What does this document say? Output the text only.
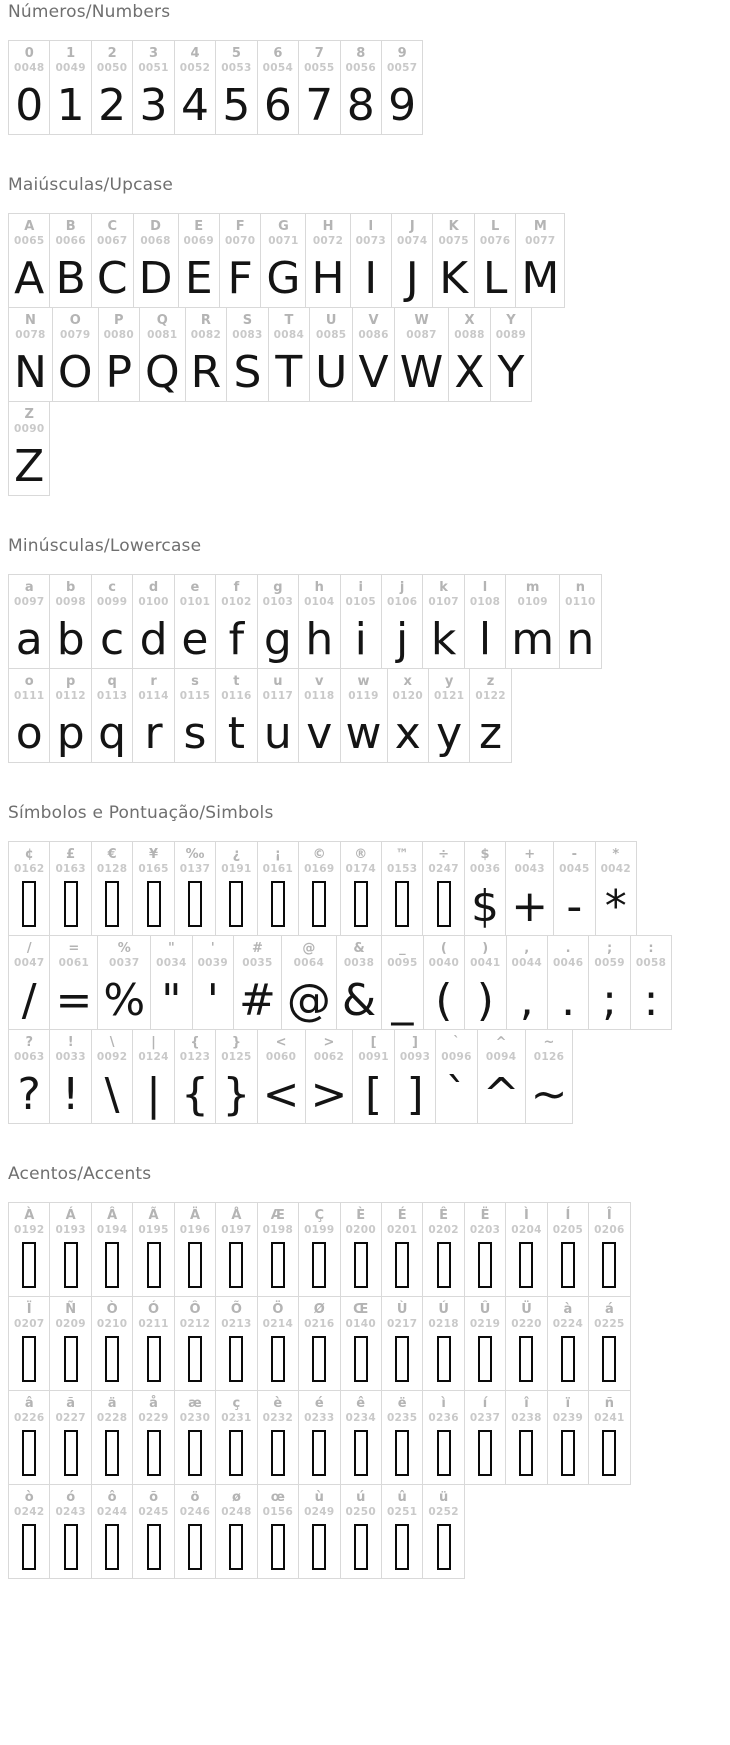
Números/Numbers
0
0048
0
1
0049
1
2
0050
2
3
0051
3
4
0052
4
5
0053
5
6
0054
6
7
0055
7
8
0056
8
9
0057
9
Maiúsculas/Upcase
A
0065
A
B
0066
B
C
0067
C
D
0068
D
E
0069
E
F
0070
F
G
0071
G
H
0072
H
I
0073
I
J
0074
J
K
0075
K
L
0076
L
M
0077
M
N
0078
N
O
0079
O
P
0080
P
Q
0081
Q
R
0082
R
S
0083
S
T
0084
T
U
0085
U
V
0086
V
W
0087
W
X
0088
X
Y
0089
Y
Z
0090
Z
Minúsculas/Lowercase
a
0097
a
b
0098
b
c
0099
c
d
0100
d
e
0101
e
f
0102
f
g
0103
g
h
0104
h
i
0105
i
j
0106
j
k
0107
k
l
0108
l
m
0109
m
n
0110
n
o
0111
o
p
0112
p
q
0113
q
r
0114
r
s
0115
s
t
0116
t
u
0117
u
v
0118
v
w
0119
w
x
0120
x
y
0121
y
z
0122
z
Símbolos e Pontuação/Simbols
¢
0162
£
0163
€
0128
¥
0165
‰
0137
¿
0191
¡
0161
©
0169
®
0174
™
0153
÷
0247
$
0036
$
+
0043
+
-
0045
-
*
0042
*
/
0047
/
=
0061
=
%
0037
%
"
0034
"
'
0039
'
#
0035
#
@
0064
@
&
0038
&
_
0095
_
(
0040
(
)
0041
)
,
0044
,
.
0046
.
;
0059
;
:
0058
:
?
0063
?
!
0033
!
\
0092
\
|
0124
|
{
0123
{
}
0125
}
<
0060
<
>
0062
>
[
0091
[
]
0093
]
`
0096
`
^
0094
^
~
0126
~
Acentos/Accents
À
0192
Á
0193
Â
0194
Ã
0195
Ä
0196
Å
0197
Æ
0198
Ç
0199
È
0200
É
0201
Ê
0202
Ë
0203
Ì
0204
Í
0205
Î
0206
Ï
0207
Ñ
0209
Ò
0210
Ó
0211
Ô
0212
Õ
0213
Ö
0214
Ø
0216
Œ
0140
Ù
0217
Ú
0218
Û
0219
Ü
0220
à
0224
á
0225
â
0226
ã
0227
ä
0228
å
0229
æ
0230
ç
0231
è
0232
é
0233
ê
0234
ë
0235
ì
0236
í
0237
î
0238
ï
0239
ñ
0241
ò
0242
ó
0243
ô
0244
õ
0245
ö
0246
ø
0248
œ
0156
ù
0249
ú
0250
û
0251
ü
0252
